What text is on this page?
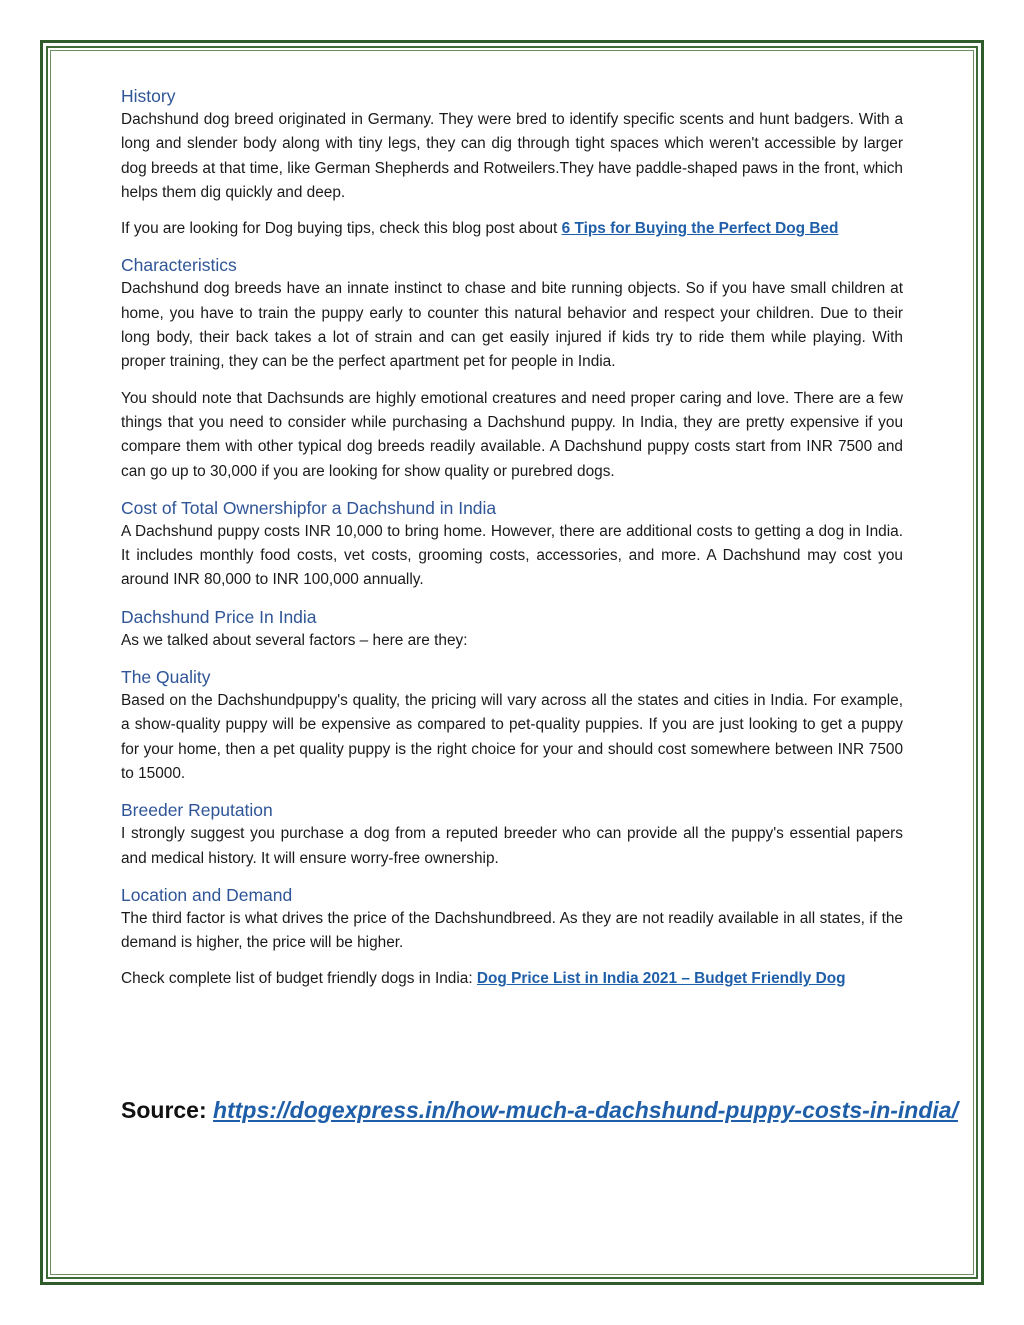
History

Dachshund dog breed originated in Germany. They were bred to identify specific scents and hunt badgers. With a long and slender body along with tiny legs, they can dig through tight spaces which weren't accessible by larger dog breeds at that time, like German Shepherds and Rotweilers.They have paddle-shaped paws in the front, which helps them dig quickly and deep.

If you are looking for Dog buying tips, check this blog post about 6 Tips for Buying the Perfect Dog Bed

Characteristics

Dachshund dog breeds have an innate instinct to chase and bite running objects. So if you have small children at home, you have to train the puppy early to counter this natural behavior and respect your children. Due to their long body, their back takes a lot of strain and can get easily injured if kids try to ride them while playing. With proper training, they can be the perfect apartment pet for people in India.

You should note that Dachsunds are highly emotional creatures and need proper caring and love. There are a few things that you need to consider while purchasing a Dachshund puppy. In India, they are pretty expensive if you compare them with other typical dog breeds readily available. A Dachshund puppy costs start from INR 7500 and can go up to 30,000 if you are looking for show quality or purebred dogs.

Cost of Total Ownershipfor a Dachshund in India

A Dachshund puppy costs INR 10,000 to bring home. However, there are additional costs to getting a dog in India. It includes monthly food costs, vet costs, grooming costs, accessories, and more. A Dachshund may cost you around INR 80,000 to INR 100,000 annually.

Dachshund Price In India

As we talked about several factors – here are they:

The Quality

Based on the Dachshundpuppy's quality, the pricing will vary across all the states and cities in India. For example, a show-quality puppy will be expensive as compared to pet-quality puppies. If you are just looking to get a puppy for your home, then a pet quality puppy is the right choice for your and should cost somewhere between INR 7500 to 15000.

Breeder Reputation

I strongly suggest you purchase a dog from a reputed breeder who can provide all the puppy's essential papers and medical history. It will ensure worry-free ownership.

Location and Demand

The third factor is what drives the price of the Dachshundbreed. As they are not readily available in all states, if the demand is higher, the price will be higher.

Check complete list of budget friendly dogs in India: Dog Price List in India 2021 – Budget Friendly Dog

Source: https://dogexpress.in/how-much-a-dachshund-puppy-costs-in-india/
